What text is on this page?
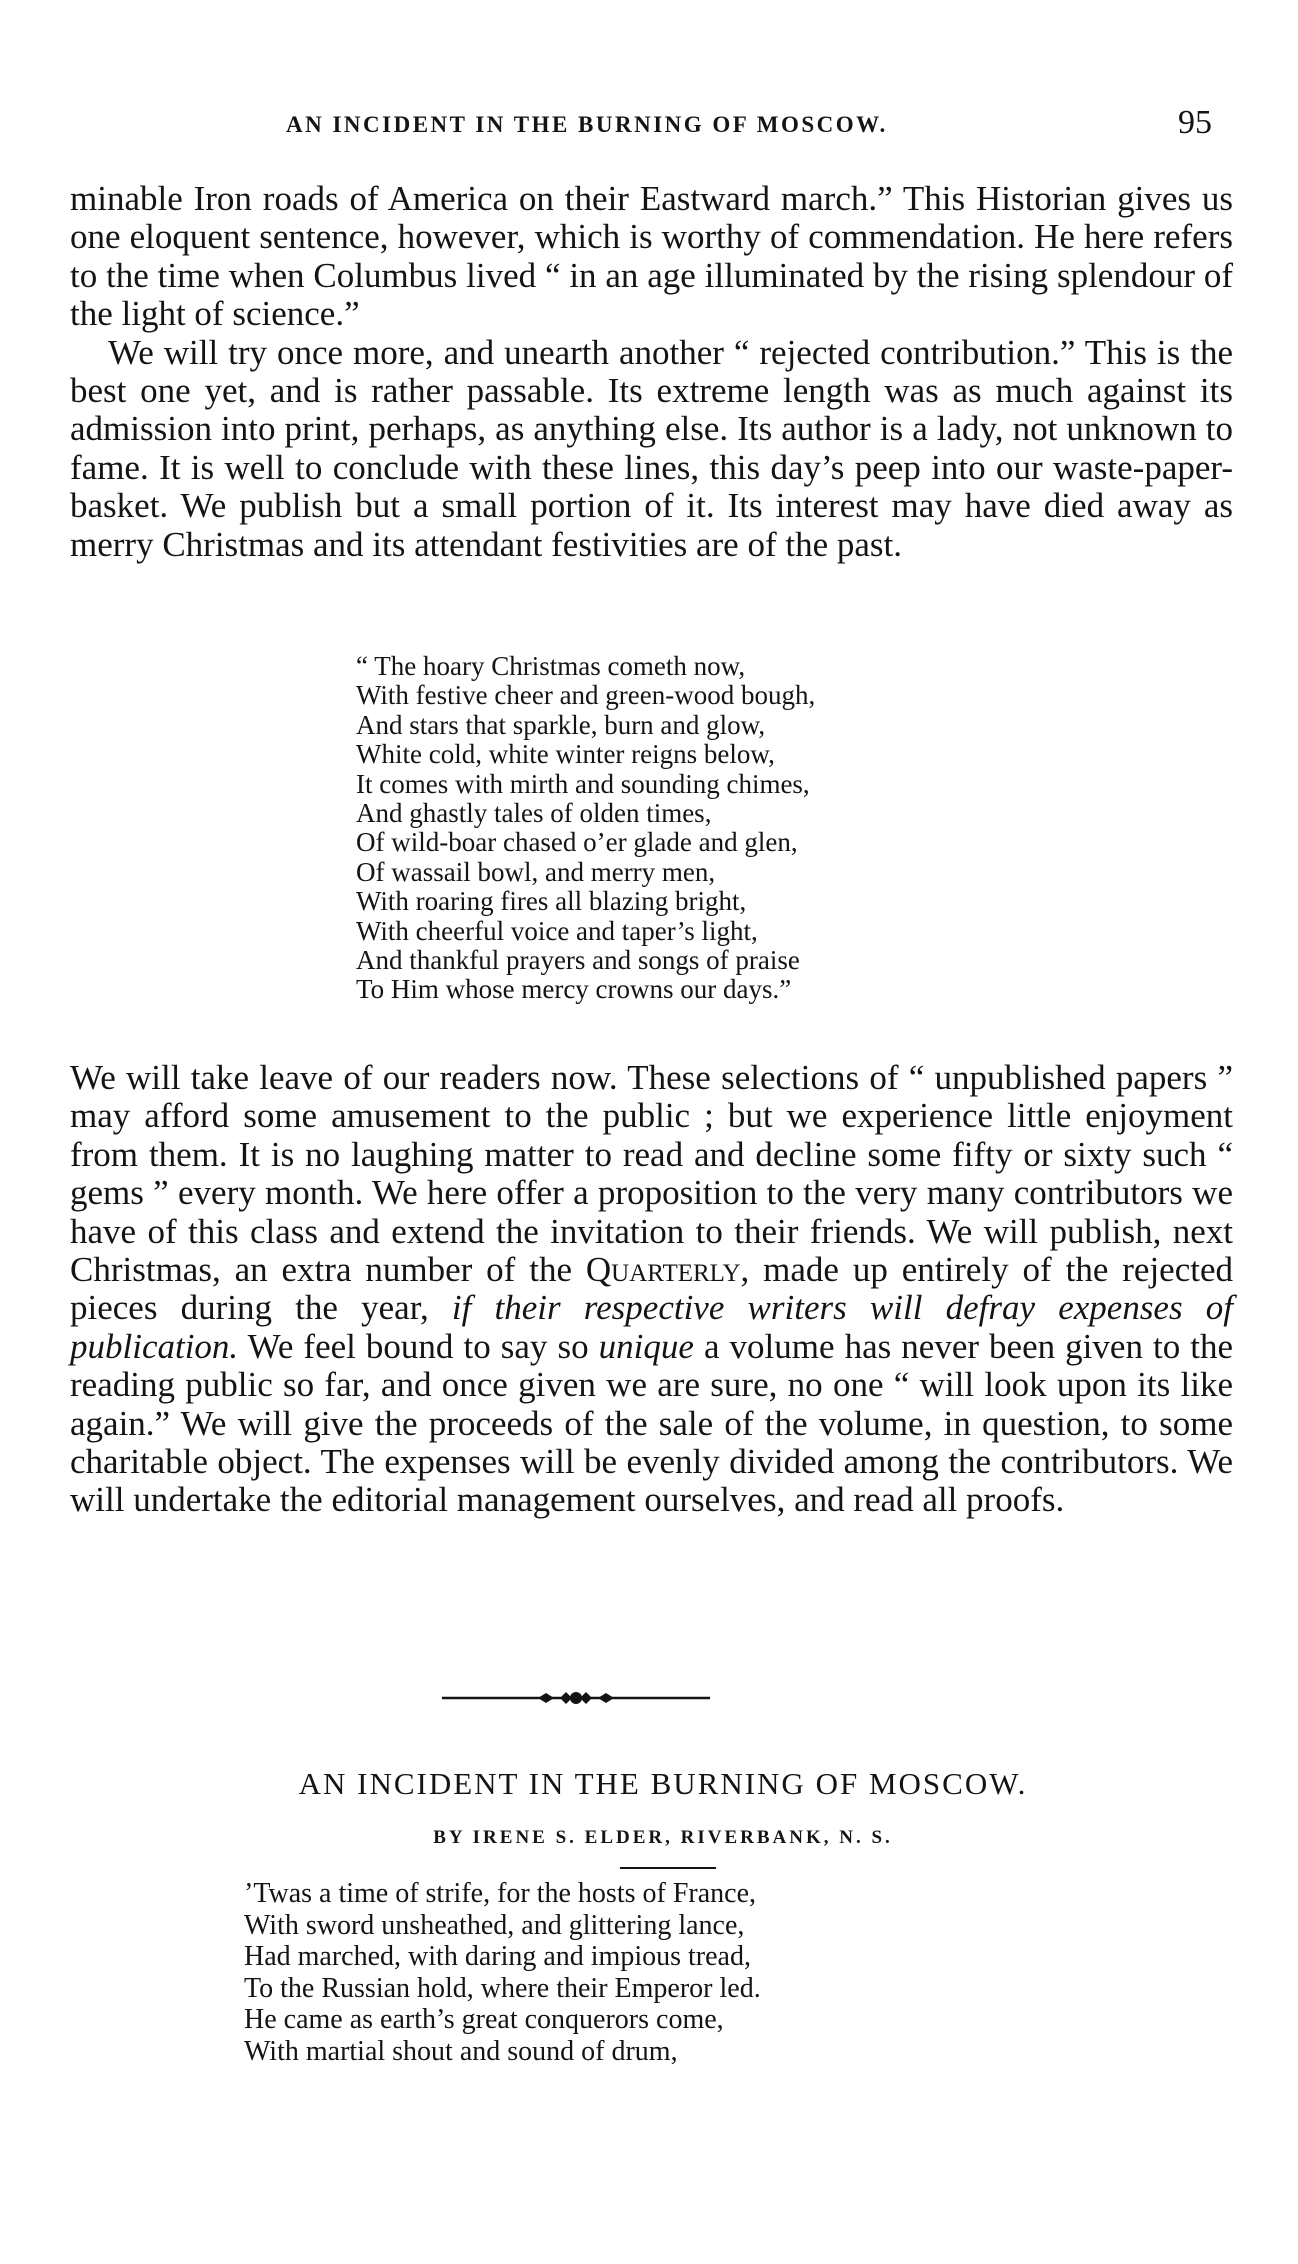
AN INCIDENT IN THE BURNING OF MOSCOW.	95

minable Iron roads of America on their Eastward march.” This Historian gives us one eloquent sentence, however, which is worthy of commendation. He here refers to the time when Columbus lived “ in an age illuminated by the rising splendour of the light of science.”

We will try once more, and unearth another “ rejected contribution.” This is the best one yet, and is rather passable. Its extreme length was as much against its admission into print, perhaps, as anything else. Its author is a lady, not unknown to fame. It is well to conclude with these lines, this day’s peep into our waste-paper-basket. We publish but a small portion of it. Its interest may have died away as merry Christmas and its attendant festivities are of the past.

“ The hoary Christmas cometh now,
With festive cheer and green-wood bough,
And stars that sparkle, burn and glow,
White cold, white winter reigns below,
It comes with mirth and sounding chimes,
And ghastly tales of olden times,
Of wild-boar chased o’er glade and glen,
Of wassail bowl, and merry men,
With roaring fires all blazing bright,
With cheerful voice and taper’s light,
And thankful prayers and songs of praise
To Him whose mercy crowns our days.”

We will take leave of our readers now. These selections of “ unpublished papers ” may afford some amusement to the public ; but we experience little enjoyment from them. It is no laughing matter to read and decline some fifty or sixty such “ gems ” every month. We here offer a proposition to the very many contributors we have of this class and extend the invitation to their friends. We will publish, next Christmas, an extra number of the Quarterly, made up entirely of the rejected pieces during the year, if their respective writers will defray expenses of publication. We feel bound to say so unique a volume has never been given to the reading public so far, and once given we are sure, no one “ will look upon its like again.” We will give the proceeds of the sale of the volume, in question, to some charitable object. The expenses will be evenly divided among the contributors. We will undertake the editorial management ourselves, and read all proofs.

AN INCIDENT IN THE BURNING OF MOSCOW.
BY IRENE S. ELDER, RIVERBANK, N. S.
’Twas a time of strife, for the hosts of France,
With sword unsheathed, and glittering lance,
Had marched, with daring and impious tread,
To the Russian hold, where their Emperor led.
He came as earth’s great conquerors come,
With martial shout and sound of drum,
